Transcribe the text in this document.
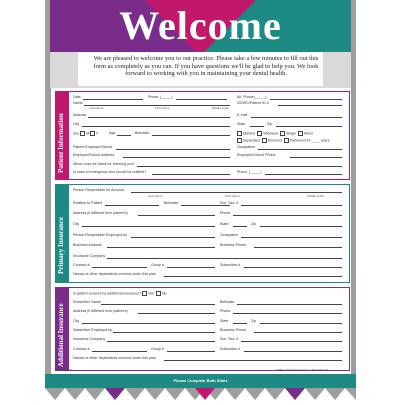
Welcome
We are pleased to welcome you to our practice. Please take a few minutes to fill out this form as completely as you can. If you have questions we'll be glad to help you. We look forward to working with you in maintaining your dental health.
Patient Information
Date	Phone (_____)	Alt. Phone (_____)
Name	SS/HIC/Patient ID #
Last Name	First Name	Middle Initial
Address	E-mail
City	State	Zip
Sex M F	Age	Birthdate	Married Widowed Single Minor
Separated Divorced Partnered for ____ years
Patient Employer/School	Occupation
Employer/School Address	Employer/School Phone
Whom may we thank for referring you?
In case of emergency who should be notified?	Phone (_____)
Primary Insurance
Person Responsible for Account
Last Name	First Name	Middle Initial
Relation to Patient	Birthdate	Soc. Sec. #
Address (if different from patient's)	Phone
City	State	Zip
Person Responsible Employed by	Occupation
Business Address	Business Phone
Insurance Company
Contract #	Group #	Subscriber #
Names of other dependents covered under this plan
Additional Insurance
Is patient covered by additional insurance? Yes No
Subscriber Name	Birthdate
Address (if different from patient's)	Phone
City	State	Zip
Subscriber Employed by	Business Phone
Insurance Company	Soc. Sec. #
Contract #	Group #	Subscriber #
Names of other dependents covered under this plan
Rev. 2/2010	92780 • ©Medical Arts Press 1-800-328-2179
Please Complete Both Sides
